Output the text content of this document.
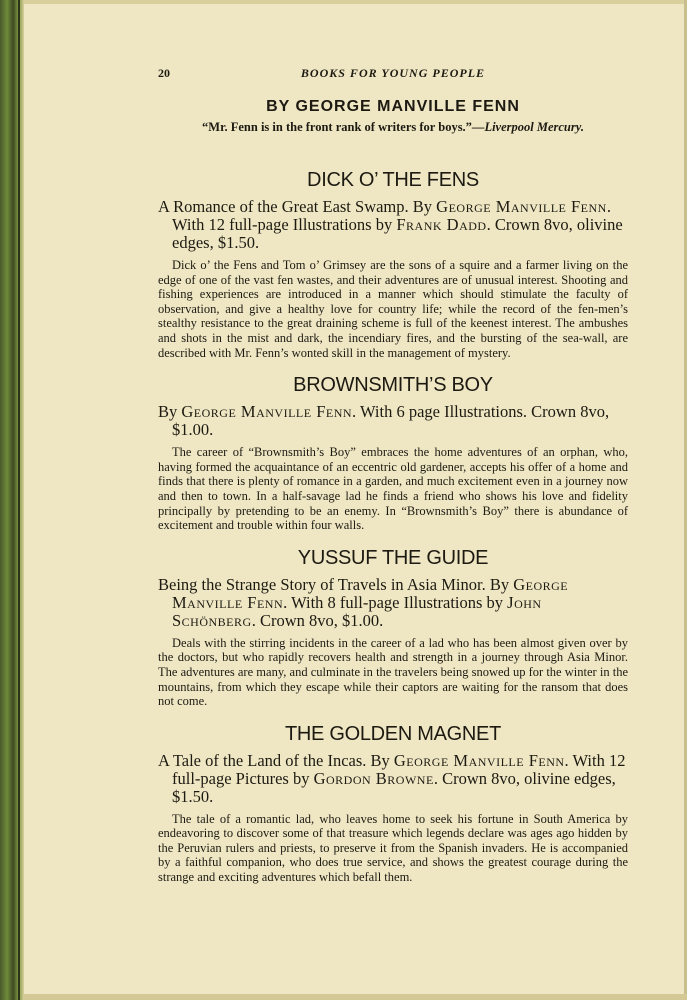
20	BOOKS FOR YOUNG PEOPLE
BY GEORGE MANVILLE FENN
“Mr. Fenn is in the front rank of writers for boys.”—Liverpool Mercury.
DICK O’ THE FENS

A Romance of the Great East Swamp. By George Manville Fenn. With 12 full-page Illustrations by Frank Dadd. Crown 8vo, olivine edges, $1.50.

Dick o’ the Fens and Tom o’ Grimsey are the sons of a squire and a farmer living on the edge of one of the vast fen wastes, and their adventures are of unusual interest. Shooting and fishing experiences are introduced in a manner which should stimulate the faculty of observation, and give a healthy love for country life; while the record of the fen-men’s stealthy resistance to the great draining scheme is full of the keenest interest. The ambushes and shots in the mist and dark, the incendiary fires, and the bursting of the sea-wall, are described with Mr. Fenn’s wonted skill in the management of mystery.

BROWNSMITH’S BOY

By George Manville Fenn. With 6 page Illustrations. Crown 8vo, $1.00.

The career of “Brownsmith’s Boy” embraces the home adventures of an orphan, who, having formed the acquaintance of an eccentric old gardener, accepts his offer of a home and finds that there is plenty of romance in a garden, and much excitement even in a journey now and then to town. In a half-savage lad he finds a friend who shows his love and fidelity principally by pretending to be an enemy. In “Brownsmith’s Boy” there is abundance of excitement and trouble within four walls.

YUSSUF THE GUIDE

Being the Strange Story of Travels in Asia Minor. By George Manville Fenn. With 8 full-page Illustrations by John Schönberg. Crown 8vo, $1.00.

Deals with the stirring incidents in the career of a lad who has been almost given over by the doctors, but who rapidly recovers health and strength in a journey through Asia Minor. The adventures are many, and culminate in the travelers being snowed up for the winter in the mountains, from which they escape while their captors are waiting for the ransom that does not come.

THE GOLDEN MAGNET

A Tale of the Land of the Incas. By George Manville Fenn. With 12 full-page Pictures by Gordon Browne. Crown 8vo, olivine edges, $1.50.

The tale of a romantic lad, who leaves home to seek his fortune in South America by endeavoring to discover some of that treasure which legends declare was ages ago hidden by the Peruvian rulers and priests, to preserve it from the Spanish invaders. He is accompanied by a faithful companion, who does true service, and shows the greatest courage during the strange and exciting adventures which befall them.
